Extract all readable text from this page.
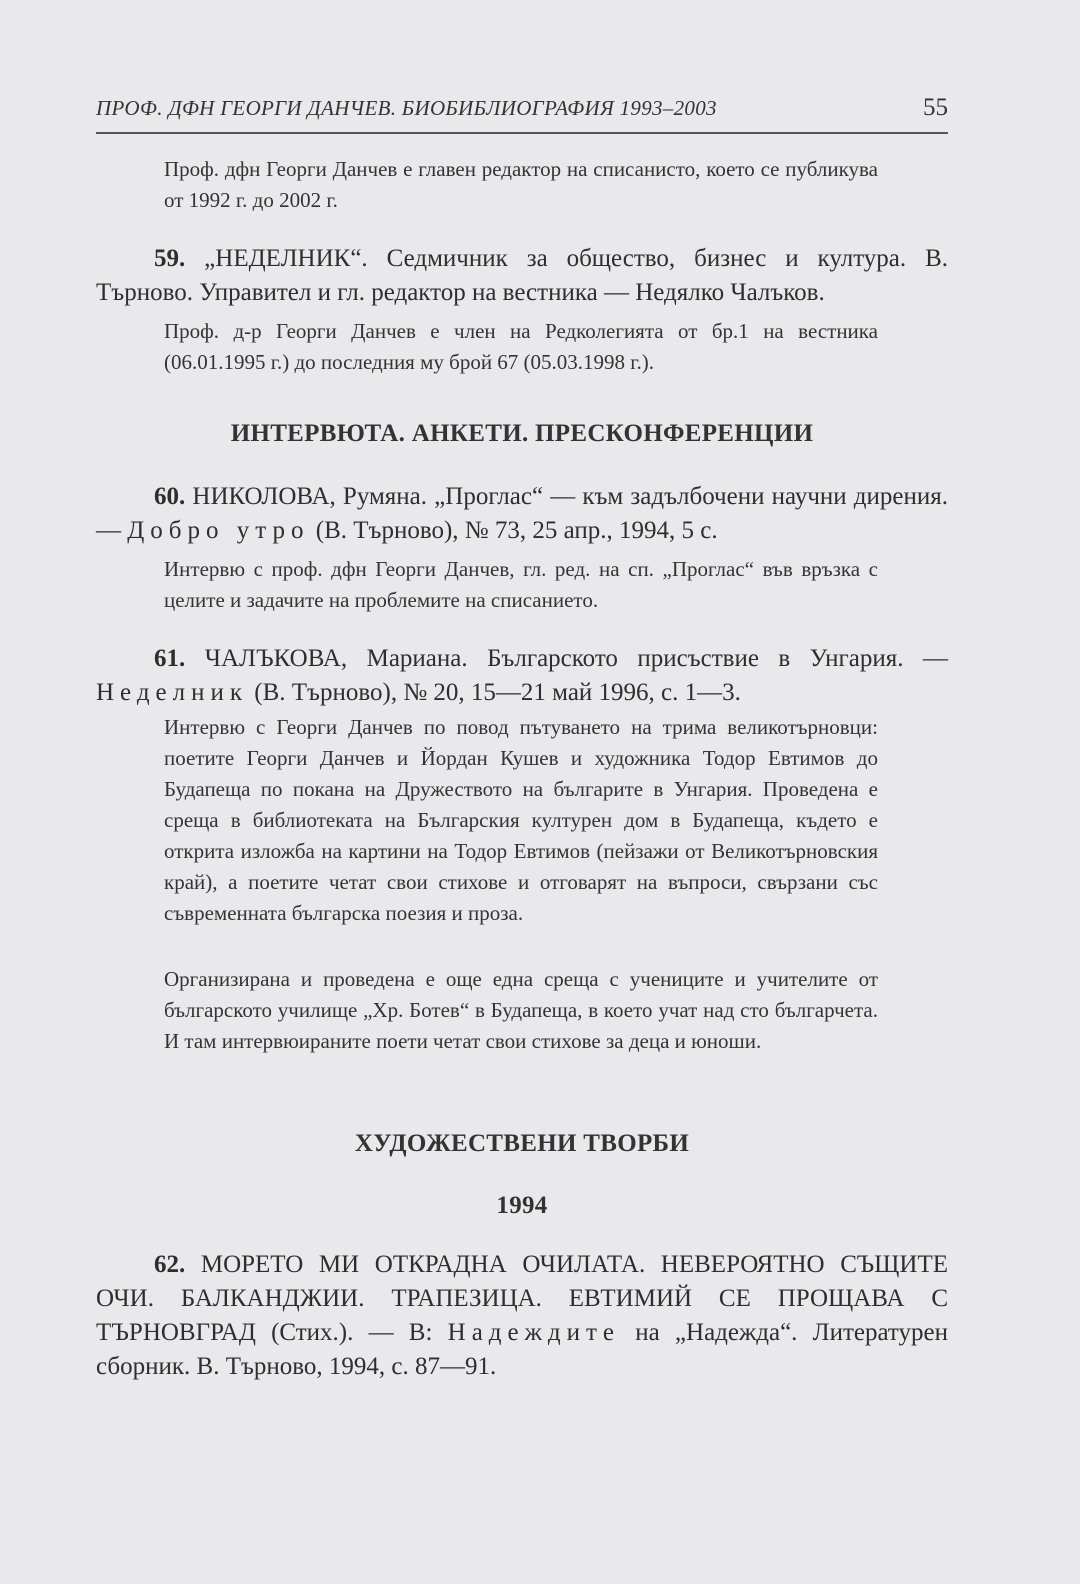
ПРОФ. ДФН ГЕОРГИ ДАНЧЕВ. БИОБИБЛИОГРАФИЯ 1993–2003	55

Проф. дфн Георги Данчев е главен редактор на списанисто, което се публикува от 1992 г. до 2002 г.

59. „НЕДЕЛНИК“. Седмичник за общество, бизнес и култура. В. Търново. Управител и гл. редактор на вестника — Недялко Чалъков.

Проф. д-р Георги Данчев е член на Редколегията от бр.1 на вестника (06.01.1995 г.) до последния му брой 67 (05.03.1998 г.).

ИНТЕРВЮТА. АНКЕТИ. ПРЕСКОНФЕРЕНЦИИ

60. НИКОЛОВА, Румяна. „Проглас“ — към задълбочени научни дирения. — Добро утро (В. Търново), № 73, 25 апр., 1994, 5 с.

Интервю с проф. дфн Георги Данчев, гл. ред. на сп. „Проглас“ във връзка с целите и задачите на проблемите на списанието.

61. ЧАЛЪКОВА, Мариана. Българското присъствие в Унгария. — Неделник (В. Търново), № 20, 15—21 май 1996, с. 1—3.

Интервю с Георги Данчев по повод пътуването на трима великотърновци: поетите Георги Данчев и Йордан Кушев и художника Тодор Евтимов до Будапеща по покана на Дружеството на българите в Унгария. Проведена е среща в библиотеката на Българския културен дом в Будапеща, където е открита изложба на картини на Тодор Евтимов (пейзажи от Великотърновския край), а поетите четат свои стихове и отговарят на въпроси, свързани със съвременната българска поезия и проза.

Организирана и проведена е още една среща с учениците и учителите от българското училище „Хр. Ботев“ в Будапеща, в което учат над сто българчета. И там интервюираните поети четат свои стихове за деца и юноши.

ХУДОЖЕСТВЕНИ ТВОРБИ
1994

62. МОРЕТО МИ ОТКРАДНА ОЧИЛАТА. НЕВЕРОЯТНО СЪЩИТЕ ОЧИ. БАЛКАНДЖИИ. ТРАПЕЗИЦА. ЕВТИМИЙ СЕ ПРОЩАВА С ТЪРНОВГРАД (Стих.). — В: Надеждите на „Надежда“. Литературен сборник. В. Търново, 1994, с. 87—91.
